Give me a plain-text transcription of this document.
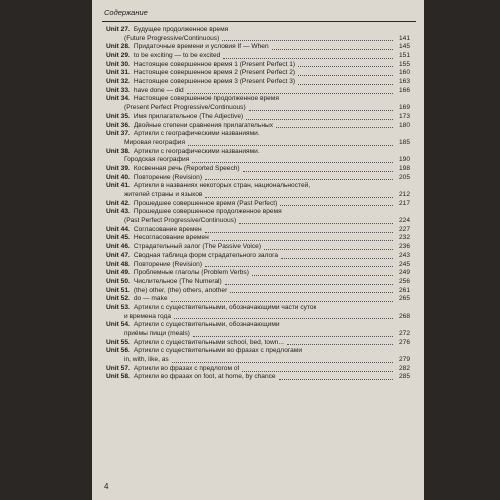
Содержание
Unit 27. Будущее продолженное время
(Future Progressive/Continuous)	141
Unit 28. Придаточные времени и условия If — When	145
Unit 29. to be exciting — to be excited	151
Unit 30. Настоящее совершенное время 1 (Present Perfect 1)	155
Unit 31. Настоящее совершенное время 2 (Present Perfect 2)	160
Unit 32. Настоящее совершенное время 3 (Present Perfect 3)	163
Unit 33. have done — did	166
Unit 34. Настоящее совершенное продолженное время
(Present Perfect Progressive/Continuous)	169
Unit 35. Имя прилагательное (The Adjective)	173
Unit 36. Двойные степени сравнения прилагательных	180
Unit 37. Артикли с географическими названиями.
Мировая география	185
Unit 38. Артикли с географическими названиями.
Городская география	190
Unit 39. Косвенная речь (Reported Speech)	198
Unit 40. Повторение (Revision)	205
Unit 41. Артикли в названиях некоторых стран, национальностей,
жителей страны и языков	212
Unit 42. Прошедшее совершенное время (Past Perfect)	217
Unit 43. Прошедшее совершенное продолженное время
(Past Perfect Progressive/Continuous)	224
Unit 44. Согласование времен	227
Unit 45. Несогласование времен	232
Unit 46. Страдательный залог (The Passive Voice)	236
Unit 47. Сводная таблица форм страдательного залога	243
Unit 48. Повторение (Revision)	245
Unit 49. Проблемные глаголы (Problem Verbs)	249
Unit 50. Числительное (The Numeral)	256
Unit 51. (the) other, (the) others, another	261
Unit 52. do — make	265
Unit 53. Артикли с существительными, обозначающими части суток
и времена года	268
Unit 54. Артикли с существительными, обозначающими
приёмы пищи (meals)	272
Unit 55. Артикли с существительными school, bed, town...	276
Unit 56. Артикли с существительными во фразах с предлогами
in, with, like, as	279
Unit 57. Артикли во фразах с предлогом of	282
Unit 58. Артикли во фразах on foot, at home, by chance	285
4
